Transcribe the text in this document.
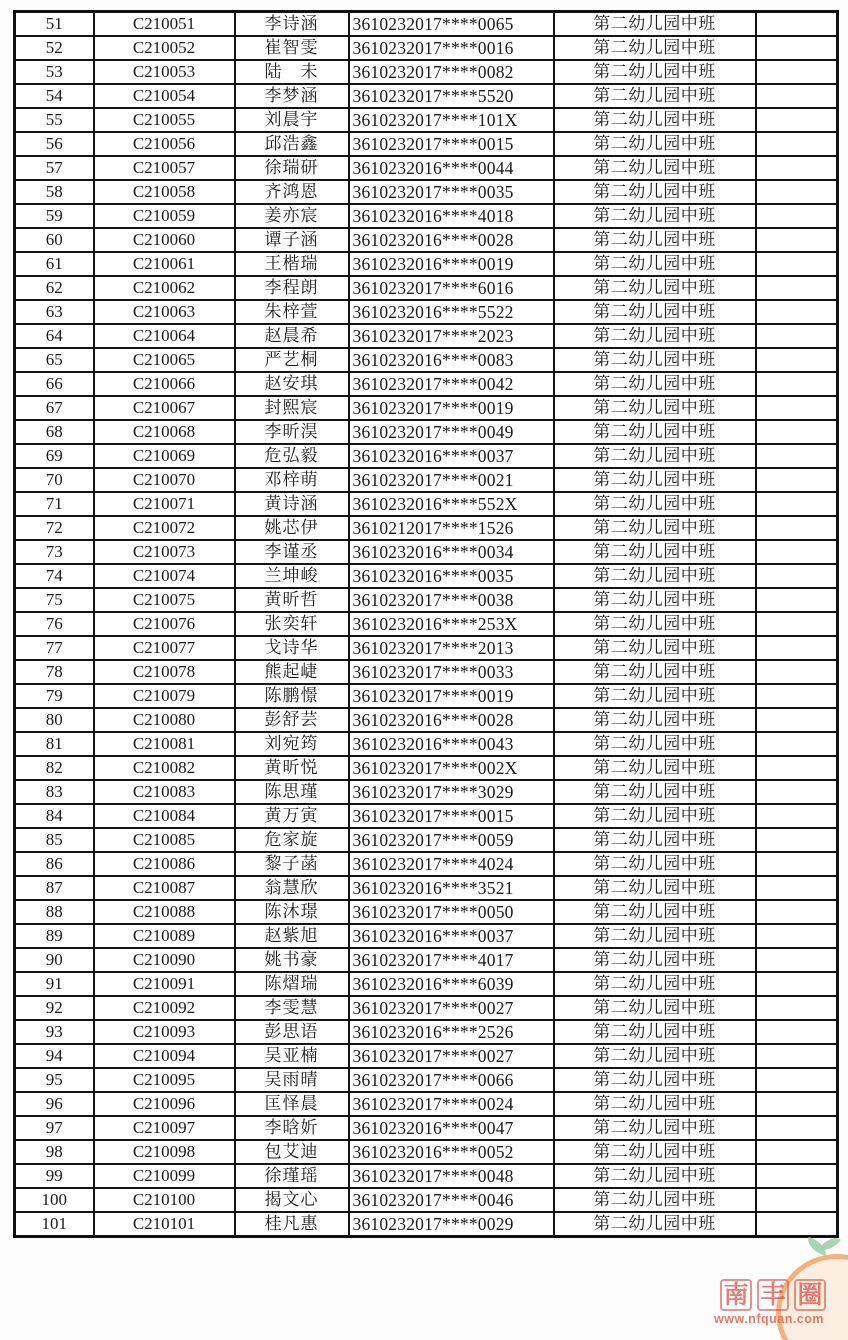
51	C210051	李诗涵	3610232017****0065	第二幼儿园中班	
52	C210052	崔智雯	3610232017****0016	第二幼儿园中班	
53	C210053	陆　未	3610232017****0082	第二幼儿园中班	
54	C210054	李梦涵	3610232017****5520	第二幼儿园中班	
55	C210055	刘晨宇	3610232017****101X	第二幼儿园中班	
56	C210056	邱浩鑫	3610232017****0015	第二幼儿园中班	
57	C210057	徐瑞研	3610232016****0044	第二幼儿园中班	
58	C210058	齐鸿恩	3610232017****0035	第二幼儿园中班	
59	C210059	姜亦宸	3610232016****4018	第二幼儿园中班	
60	C210060	谭子涵	3610232016****0028	第二幼儿园中班	
61	C210061	王楷瑞	3610232016****0019	第二幼儿园中班	
62	C210062	李程朗	3610232017****6016	第二幼儿园中班	
63	C210063	朱梓萱	3610232016****5522	第二幼儿园中班	
64	C210064	赵晨希	3610232017****2023	第二幼儿园中班	
65	C210065	严艺桐	3610232016****0083	第二幼儿园中班	
66	C210066	赵安琪	3610232017****0042	第二幼儿园中班	
67	C210067	封熙宸	3610232017****0019	第二幼儿园中班	
68	C210068	李昕淏	3610232017****0049	第二幼儿园中班	
69	C210069	危弘毅	3610232016****0037	第二幼儿园中班	
70	C210070	邓梓萌	3610232017****0021	第二幼儿园中班	
71	C210071	黄诗涵	3610232016****552X	第二幼儿园中班	
72	C210072	姚芯伊	3610212017****1526	第二幼儿园中班	
73	C210073	李谨丞	3610232016****0034	第二幼儿园中班	
74	C210074	兰坤峻	3610232016****0035	第二幼儿园中班	
75	C210075	黄昕哲	3610232017****0038	第二幼儿园中班	
76	C210076	张奕轩	3610232016****253X	第二幼儿园中班	
77	C210077	戈诗华	3610232017****2013	第二幼儿园中班	
78	C210078	熊起崨	3610232017****0033	第二幼儿园中班	
79	C210079	陈鹏憬	3610232017****0019	第二幼儿园中班	
80	C210080	彭舒芸	3610232016****0028	第二幼儿园中班	
81	C210081	刘宛筠	3610232016****0043	第二幼儿园中班	
82	C210082	黄昕悦	3610232017****002X	第二幼儿园中班	
83	C210083	陈思瑾	3610232017****3029	第二幼儿园中班	
84	C210084	黄万寅	3610232017****0015	第二幼儿园中班	
85	C210085	危家旋	3610232017****0059	第二幼儿园中班	
86	C210086	黎子菡	3610232017****4024	第二幼儿园中班	
87	C210087	翁慧欣	3610232016****3521	第二幼儿园中班	
88	C210088	陈沐璟	3610232017****0050	第二幼儿园中班	
89	C210089	赵紫旭	3610232016****0037	第二幼儿园中班	
90	C210090	姚书豪	3610232017****4017	第二幼儿园中班	
91	C210091	陈熠瑞	3610232016****6039	第二幼儿园中班	
92	C210092	李雯慧	3610232017****0027	第二幼儿园中班	
93	C210093	彭思语	3610232016****2526	第二幼儿园中班	
94	C210094	吴亚楠	3610232017****0027	第二幼儿园中班	
95	C210095	吴雨晴	3610232017****0066	第二幼儿园中班	
96	C210096	匡怿晨	3610232017****0024	第二幼儿园中班	
97	C210097	李晗妡	3610232016****0047	第二幼儿园中班	
98	C210098	包艾迪	3610232016****0052	第二幼儿园中班	
99	C210099	徐瑾瑶	3610232017****0048	第二幼儿园中班	
100	C210100	揭文心	3610232017****0046	第二幼儿园中班	
101	C210101	桂凡惠	3610232017****0029	第二幼儿园中班	
南 丰 圈
www.nfquan.com
